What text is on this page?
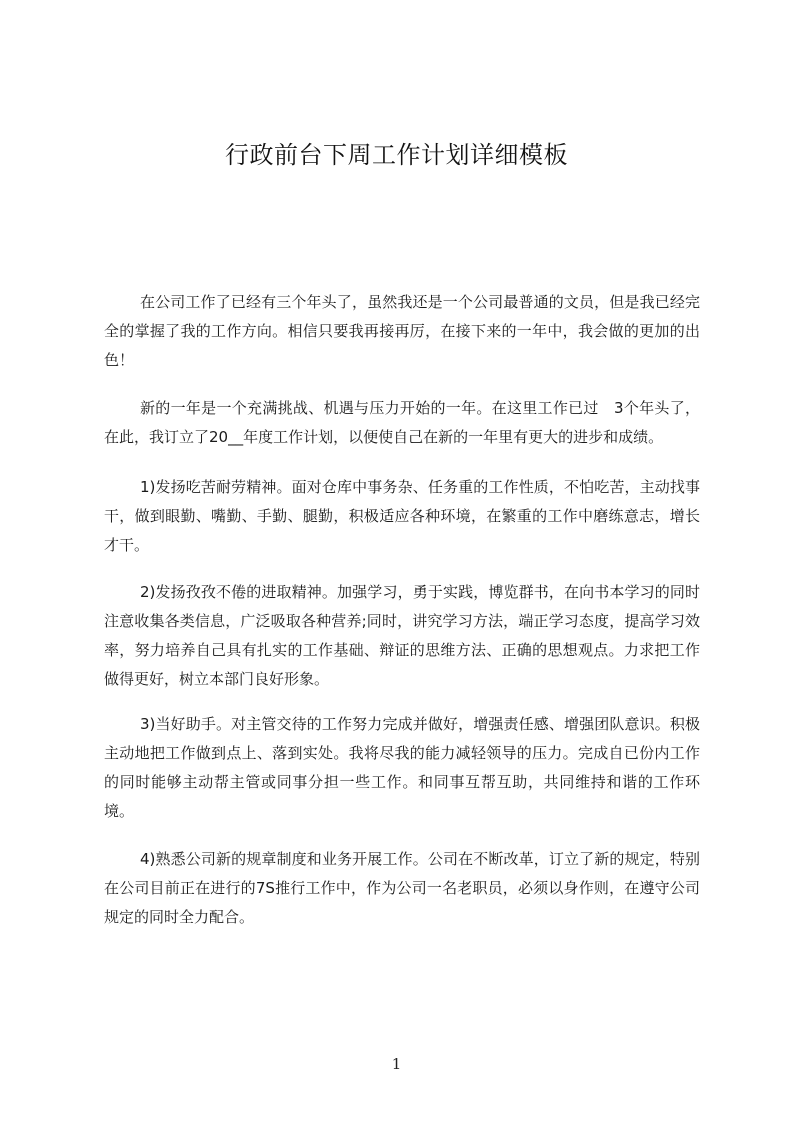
行政前台下周工作计划详细模板
在公司工作了已经有三个年头了，虽然我还是一个公司最普通的文员，但是我已经完全的掌握了我的工作方向。相信只要我再接再厉，在接下来的一年中，我会做的更加的出色！
新的一年是一个充满挑战、机遇与压力开始的一年。在这里工作已过　3个年头了，在此，我订立了20__年度工作计划，以便使自己在新的一年里有更大的进步和成绩。
1)发扬吃苦耐劳精神。面对仓库中事务杂、任务重的工作性质，不怕吃苦，主动找事干，做到眼勤、嘴勤、手勤、腿勤，积极适应各种环境，在繁重的工作中磨练意志，增长才干。
2)发扬孜孜不倦的进取精神。加强学习，勇于实践，博览群书，在向书本学习的同时注意收集各类信息，广泛吸取各种营养;同时，讲究学习方法，端正学习态度，提高学习效率，努力培养自己具有扎实的工作基础、辩证的思维方法、正确的思想观点。力求把工作做得更好，树立本部门良好形象。
3)当好助手。对主管交待的工作努力完成并做好，增强责任感、增强团队意识。积极主动地把工作做到点上、落到实处。我将尽我的能力减轻领导的压力。完成自已份内工作的同时能够主动帮主管或同事分担一些工作。和同事互帮互助，共同维持和谐的工作环境。
4)熟悉公司新的规章制度和业务开展工作。公司在不断改革，订立了新的规定，特别在公司目前正在进行的7S推行工作中，作为公司一名老职员，必须以身作则，在遵守公司规定的同时全力配合。
1
